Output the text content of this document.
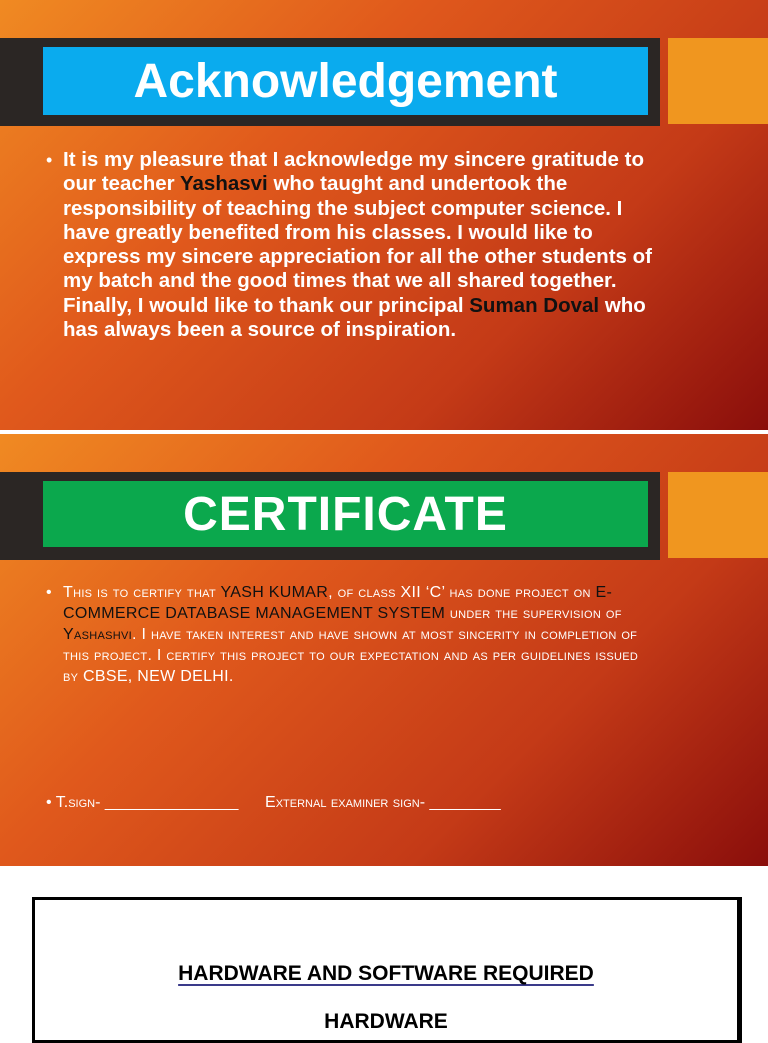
Acknowledgement
• It is my pleasure that I acknowledge my sincere gratitude to our teacher Yashasvi who taught and undertook the responsibility of teaching the subject computer science. I have greatly benefited from his classes. I would like to express my sincere appreciation for all the other students of my batch and the good times that we all shared together. Finally, I would like to thank our principal Suman Doval who has always been a source of inspiration.
CERTIFICATE
• This is to certify that YASH KUMAR, of class XII ‘C’ has done project on E-COMMERCE DATABASE MANAGEMENT SYSTEM under the supervision of Yashashvi. I have taken interest and have shown at most sincerity in completion of this project. I certify this project to our expectation and as per guidelines issued by CBSE, NEW DELHI.
• T.sign- _______________ External examiner sign- ________
HARDWARE AND SOFTWARE REQUIRED
HARDWARE
